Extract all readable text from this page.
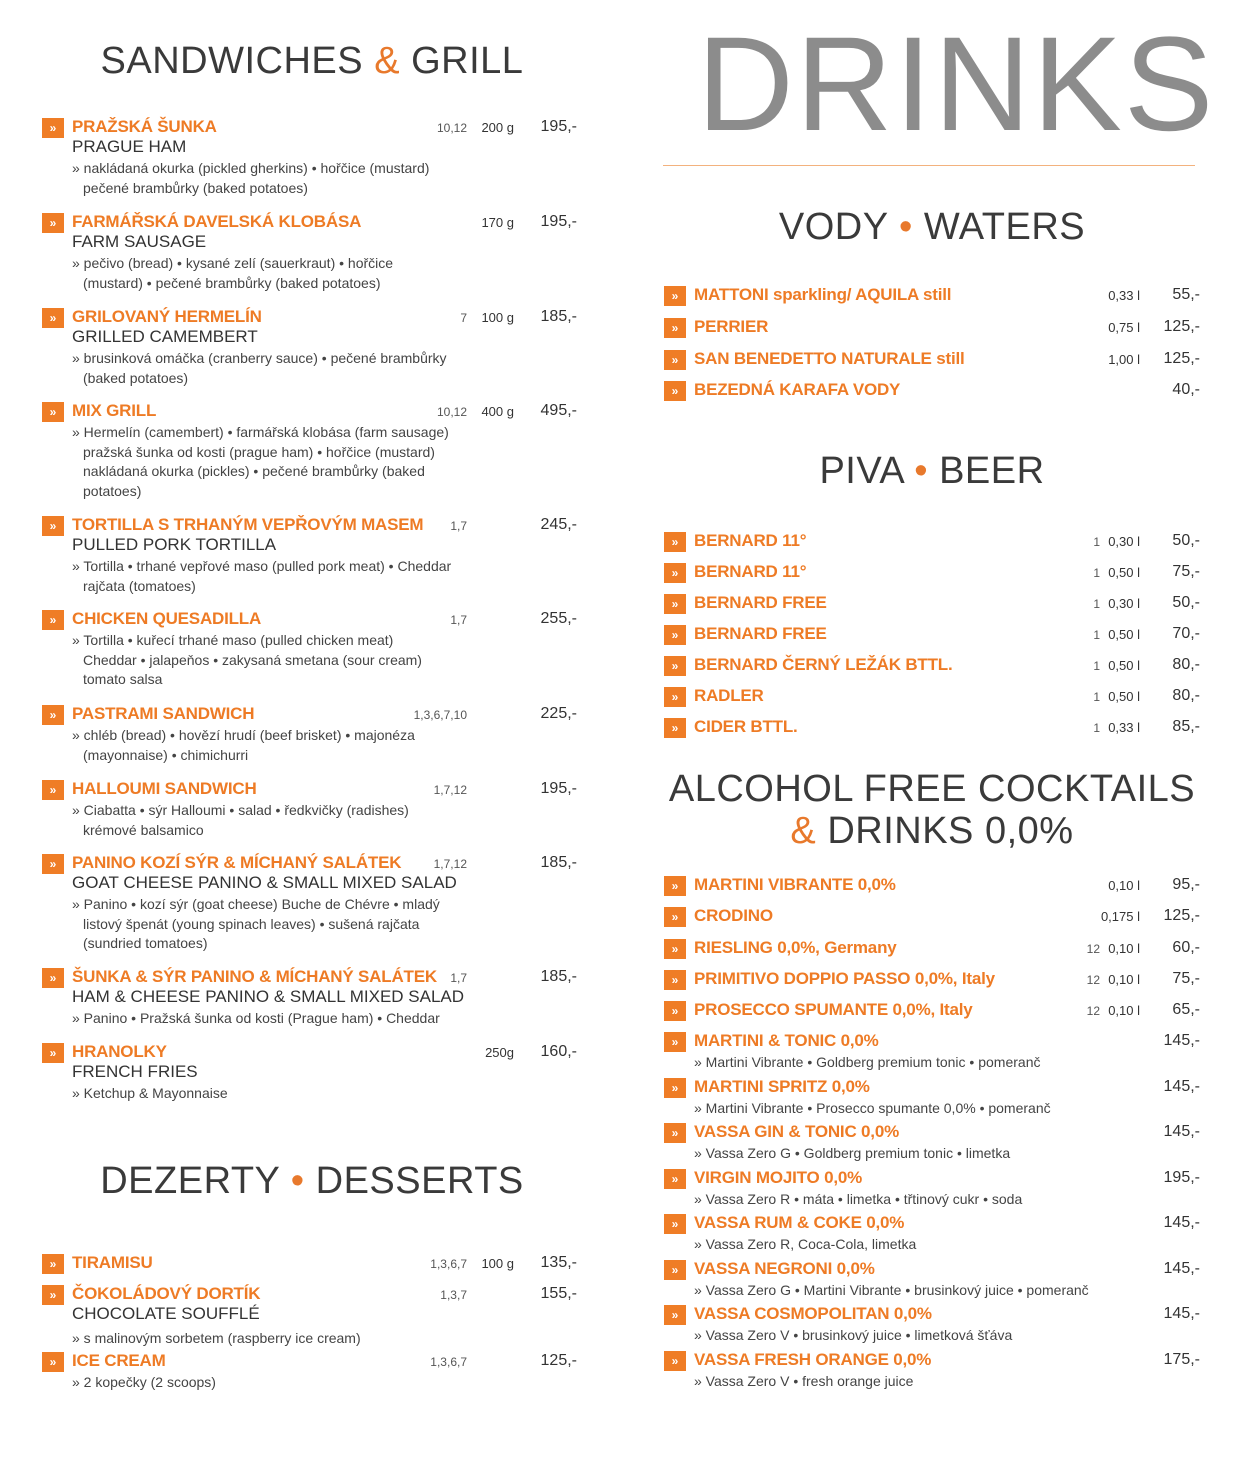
SANDWICHES & GRILL
» PRAŽSKÁ ŠUNKA
PRAGUE HAM
10,12 200 g 195,-
» nakládaná okurka (pickled gherkins) • hořčice (mustard)
pečené brambůrky (baked potatoes)
» FARMÁŘSKÁ DAVELSKÁ KLOBÁSA
FARM SAUSAGE
170 g 195,-
» pečivo (bread) • kysané zelí (sauerkraut) • hořčice
(mustard) • pečené brambůrky (baked potatoes)
» GRILOVANÝ HERMELÍN
GRILLED CAMEMBERT
7 100 g 185,-
» brusinková omáčka (cranberry sauce) • pečené brambůrky
(baked potatoes)
» MIX GRILL	10,12 400 g 495,-
» Hermelín (camembert) • farmářská klobása (farm sausage)
pražská šunka od kosti (prague ham) • hořčice (mustard)
nakládaná okurka (pickles) • pečené brambůrky (baked
potatoes)
» TORTILLA S TRHANÝM VEPŘOVÝM MASEM
PULLED PORK TORTILLA
1,7	245,-
» Tortilla • trhané vepřové maso (pulled pork meat) • Cheddar
rajčata (tomatoes)
» CHICKEN QUESADILLA	1,7	255,-
» Tortilla • kuřecí trhané maso (pulled chicken meat)
Cheddar • jalapeňos • zakysaná smetana (sour cream)
tomato salsa
» PASTRAMI SANDWICH	1,3,6,7,10	225,-
» chléb (bread) • hovězí hrudí (beef brisket) • majonéza
(mayonnaise) • chimichurri
» HALLOUMI SANDWICH	1,7,12	195,-
» Ciabatta • sýr Halloumi • salad • ředkvičky (radishes)
krémové balsamico
» PANINO KOZÍ SÝR & MÍCHANÝ SALÁTEK
GOAT CHEESE PANINO & SMALL MIXED SALAD
1,7,12	185,-
» Panino • kozí sýr (goat cheese) Buche de Chévre • mladý
listový špenát (young spinach leaves) • sušená rajčata
(sundried tomatoes)
» ŠUNKA & SÝR PANINO & MÍCHANÝ SALÁTEK
HAM & CHEESE PANINO & SMALL MIXED SALAD
1,7	185,-
» Panino • Pražská šunka od kosti (Prague ham) • Cheddar
» HRANOLKY
FRENCH FRIES
250g 160,-
» Ketchup & Mayonnaise
DEZERTY • DESSERTS
» TIRAMISU	1,3,6,7 100 g 135,-
» ČOKOLÁDOVÝ DORTÍK
CHOCOLATE SOUFFLÉ
1,3,7	155,-
» s malinovým sorbetem (raspberry ice cream)
» ICE CREAM	1,3,6,7	125,-
» 2 kopečky (2 scoops)
DRINKS
VODY • WATERS
» MATTONI sparkling/ AQUILA still	0,33 l 55,-
» PERRIER	0,75 l 125,-
» SAN BENEDETTO NATURALE still	1,00 l 125,-
» BEZEDNÁ KARAFA VODY	40,-
PIVA • BEER
» BERNARD 11°	1 0,30 l 50,-
» BERNARD 11°	1 0,50 l 75,-
» BERNARD FREE	1 0,30 l 50,-
» BERNARD FREE	1 0,50 l 70,-
» BERNARD ČERNÝ LEŽÁK BTTL.	1 0,50 l 80,-
» RADLER	1 0,50 l 80,-
» CIDER BTTL.	1 0,33 l 85,-
ALCOHOL FREE COCKTAILS
& DRINKS 0,0%
» MARTINI VIBRANTE 0,0%	0,10 l 95,-
» CRODINO	0,175 l 125,-
» RIESLING 0,0%, Germany	12 0,10 l 60,-
» PRIMITIVO DOPPIO PASSO 0,0%, Italy	12 0,10 l 75,-
» PROSECCO SPUMANTE 0,0%, Italy	12 0,10 l 65,-
» MARTINI & TONIC 0,0%	145,-
» Martini Vibrante • Goldberg premium tonic • pomeranč
» MARTINI SPRITZ 0,0%	145,-
» Martini Vibrante • Prosecco spumante 0,0% • pomeranč
» VASSA GIN & TONIC 0,0%	145,-
» Vassa Zero G • Goldberg premium tonic • limetka
» VIRGIN MOJITO 0,0%	195,-
» Vassa Zero R • máta • limetka • třtinový cukr • soda
» VASSA RUM & COKE 0,0%	145,-
» Vassa Zero R, Coca-Cola, limetka
» VASSA NEGRONI 0,0%	145,-
» Vassa Zero G • Martini Vibrante • brusinkový juice • pomeranč
» VASSA COSMOPOLITAN 0,0%	145,-
» Vassa Zero V • brusinkový juice • limetková šťáva
» VASSA FRESH ORANGE 0,0%	175,-
» Vassa Zero V • fresh orange juice
